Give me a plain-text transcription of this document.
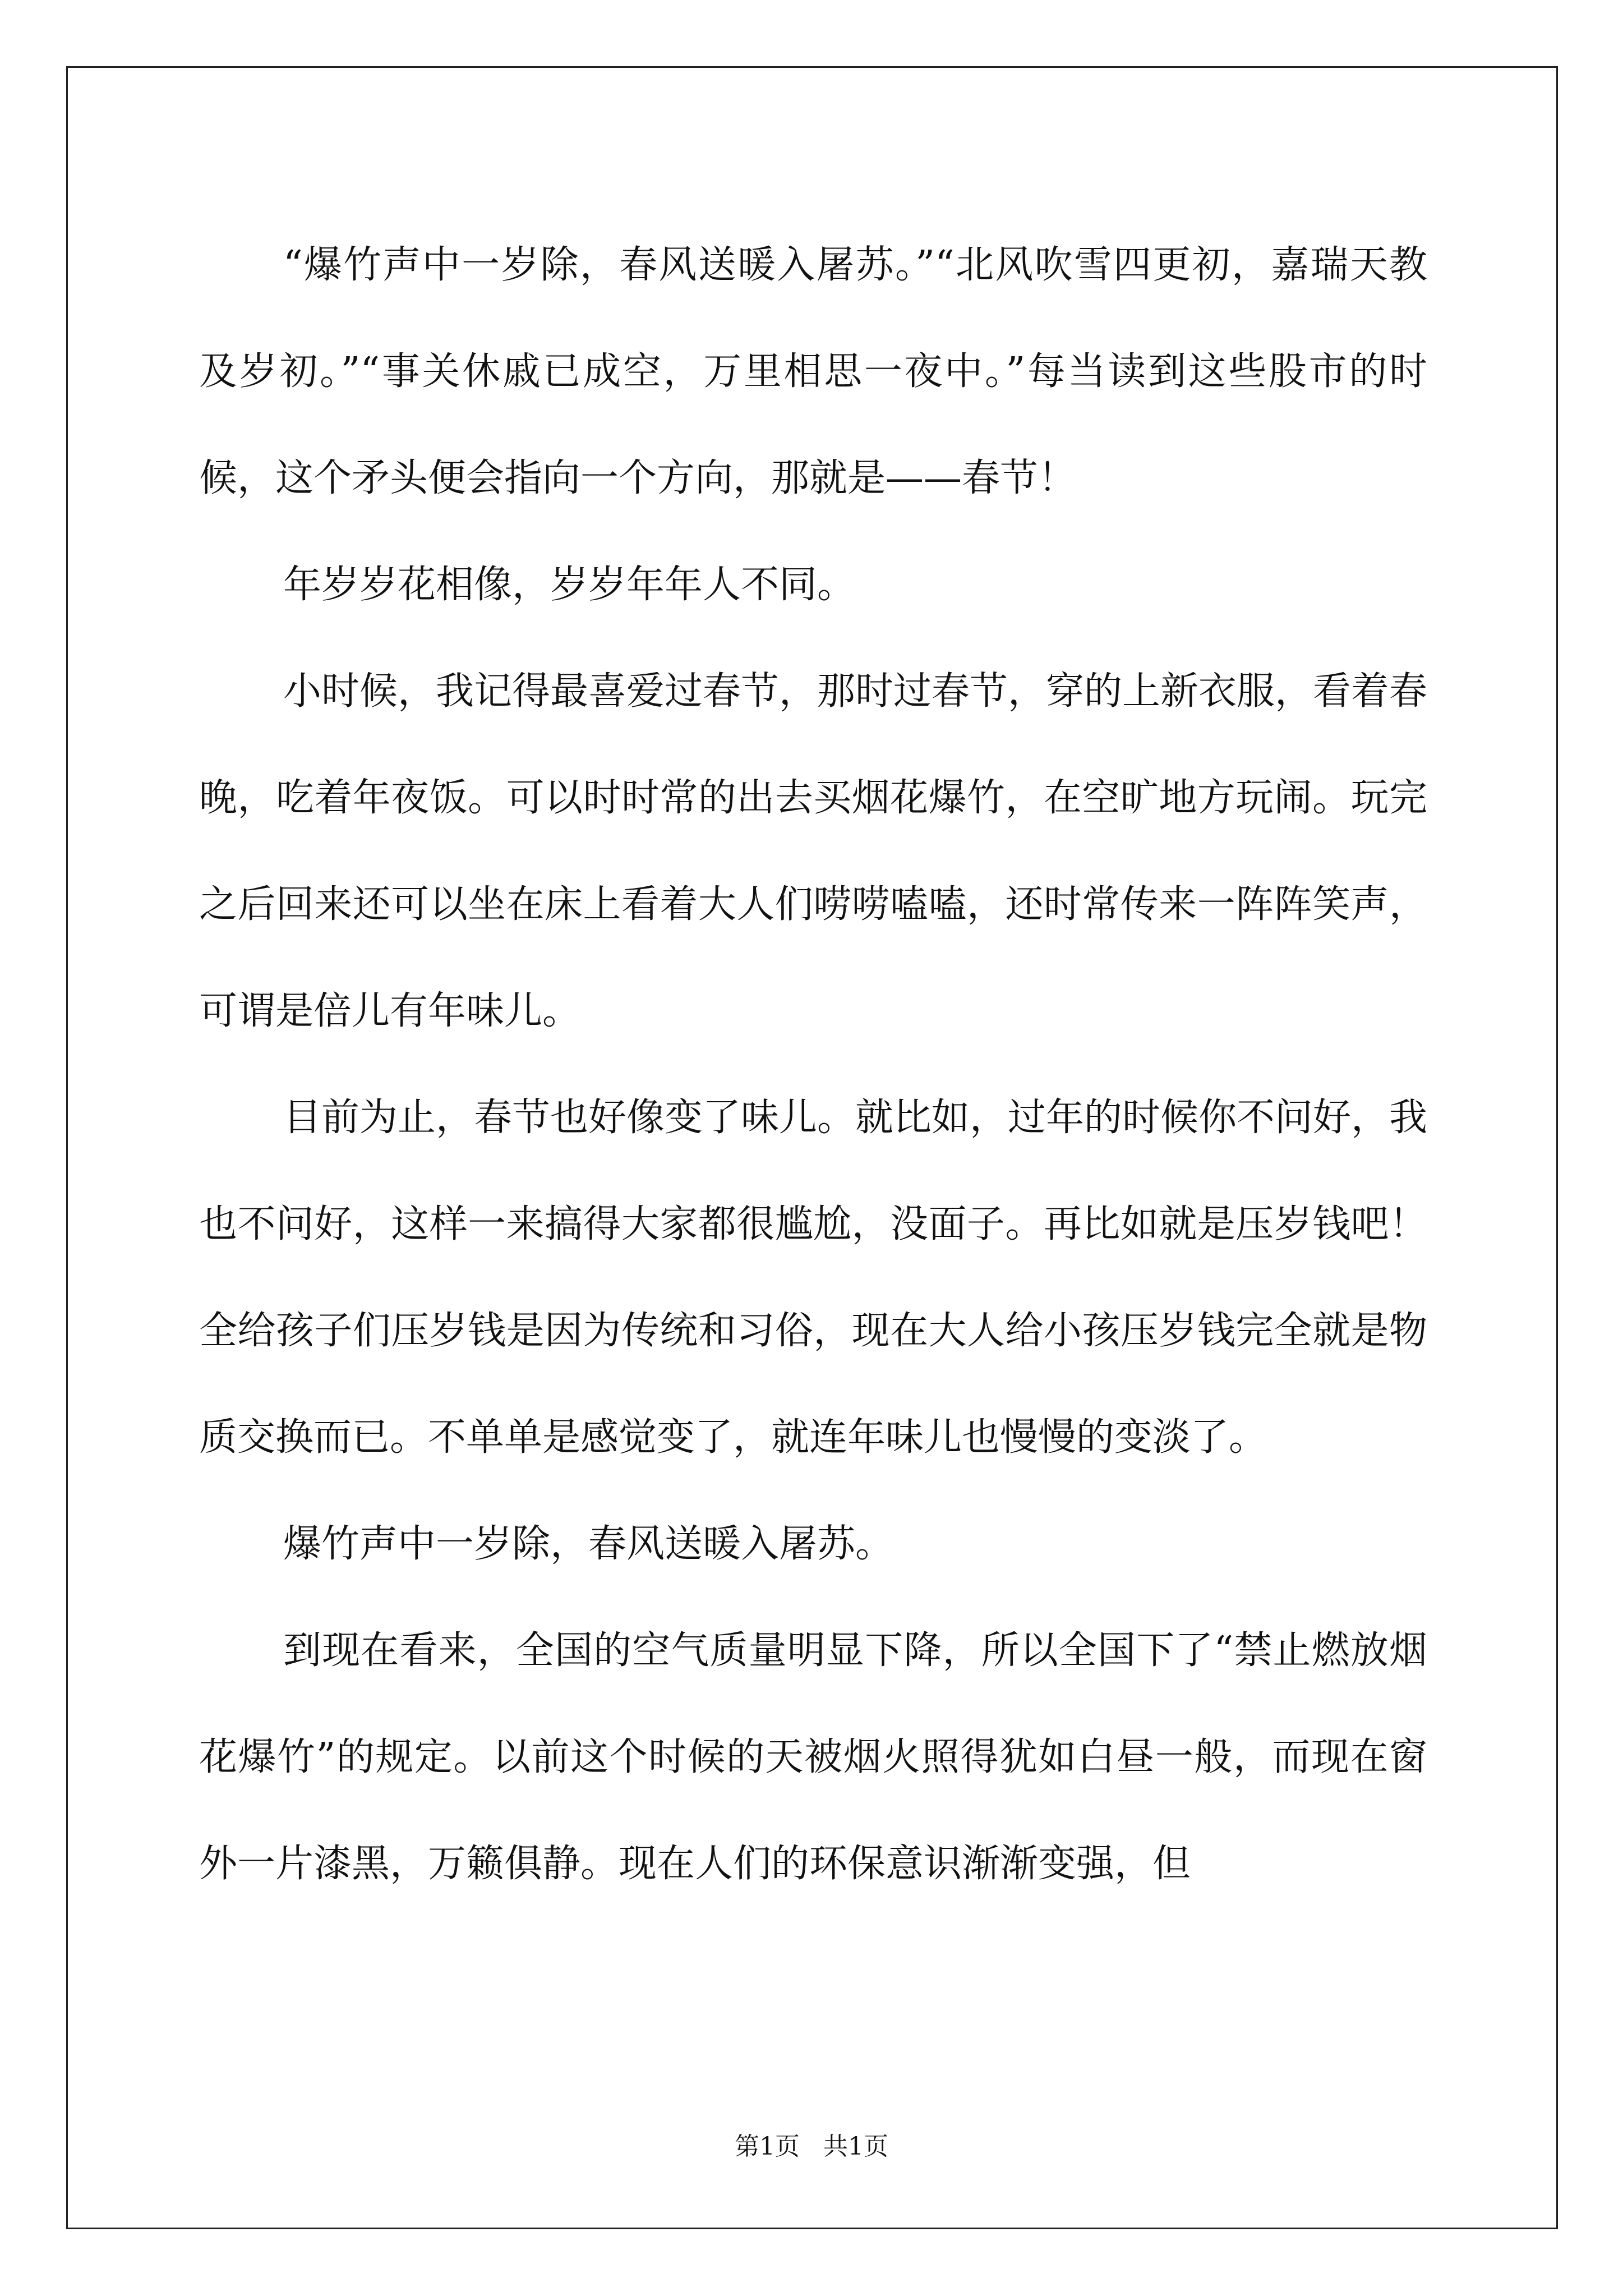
“爆竹声中一岁除，春风送暖入屠苏。”“北风吹雪四更初，嘉瑞天教及岁初。”“事关休戚已成空，万里相思一夜中。”每当读到这些股市的时候，这个矛头便会指向一个方向，那就是——春节！

年岁岁花相像，岁岁年年人不同。

小时候，我记得最喜爱过春节，那时过春节，穿的上新衣服，看着春晚，吃着年夜饭。可以时时常的出去买烟花爆竹，在空旷地方玩闹。玩完之后回来还可以坐在床上看着大人们唠唠嗑嗑，还时常传来一阵阵笑声，可谓是倍儿有年味儿。

目前为止，春节也好像变了味儿。就比如，过年的时候你不问好，我也不问好，这样一来搞得大家都很尴尬，没面子。再比如就是压岁钱吧！全给孩子们压岁钱是因为传统和习俗，现在大人给小孩压岁钱完全就是物质交换而已。不单单是感觉变了，就连年味儿也慢慢的变淡了。

爆竹声中一岁除，春风送暖入屠苏。

到现在看来，全国的空气质量明显下降，所以全国下了“禁止燃放烟花爆竹”的规定。以前这个时候的天被烟火照得犹如白昼一般，而现在窗外一片漆黑，万籁俱静。现在人们的环保意识渐渐变强，但

第1页   共1页
